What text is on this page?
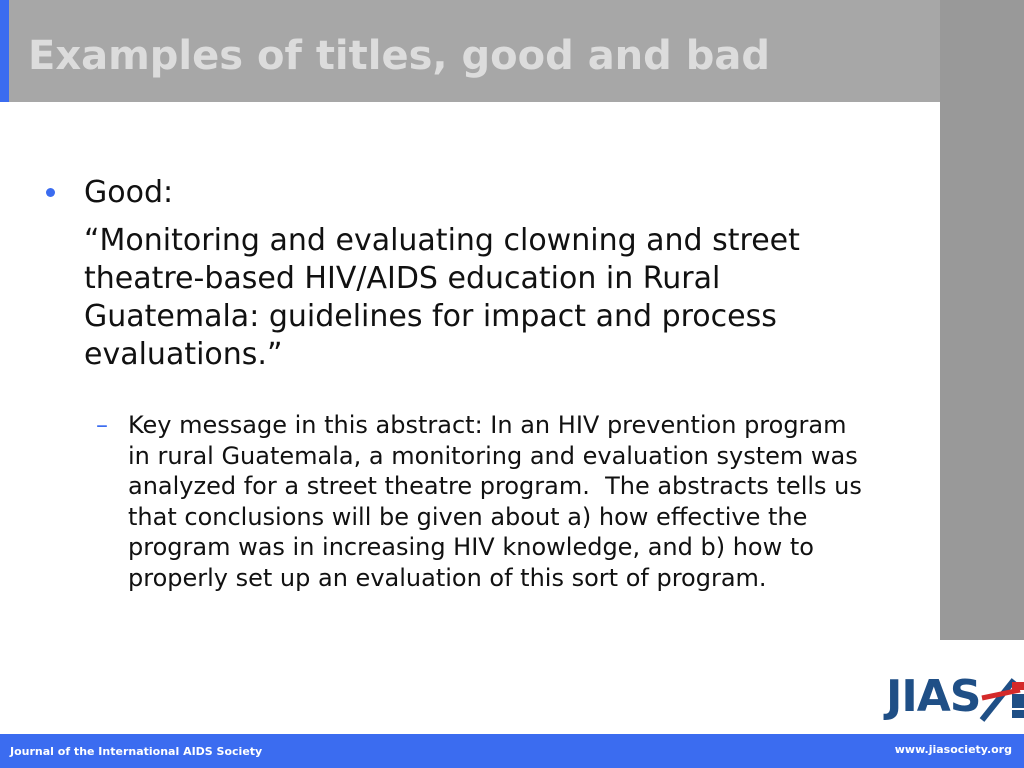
Examples of titles, good and bad
Good:

“Monitoring and evaluating clowning and street theatre-based HIV/AIDS education in Rural Guatemala: guidelines for impact and process evaluations.”

– Key message in this abstract: In an HIV prevention program in rural Guatemala, a monitoring and evaluation system was analyzed for a street theatre program.  The abstracts tells us that conclusions will be given about a) how effective the program was in increasing HIV knowledge, and b) how to properly set up an evaluation of this sort of program.

JIAS
Journal of the International AIDS Society	www.jiasociety.org
